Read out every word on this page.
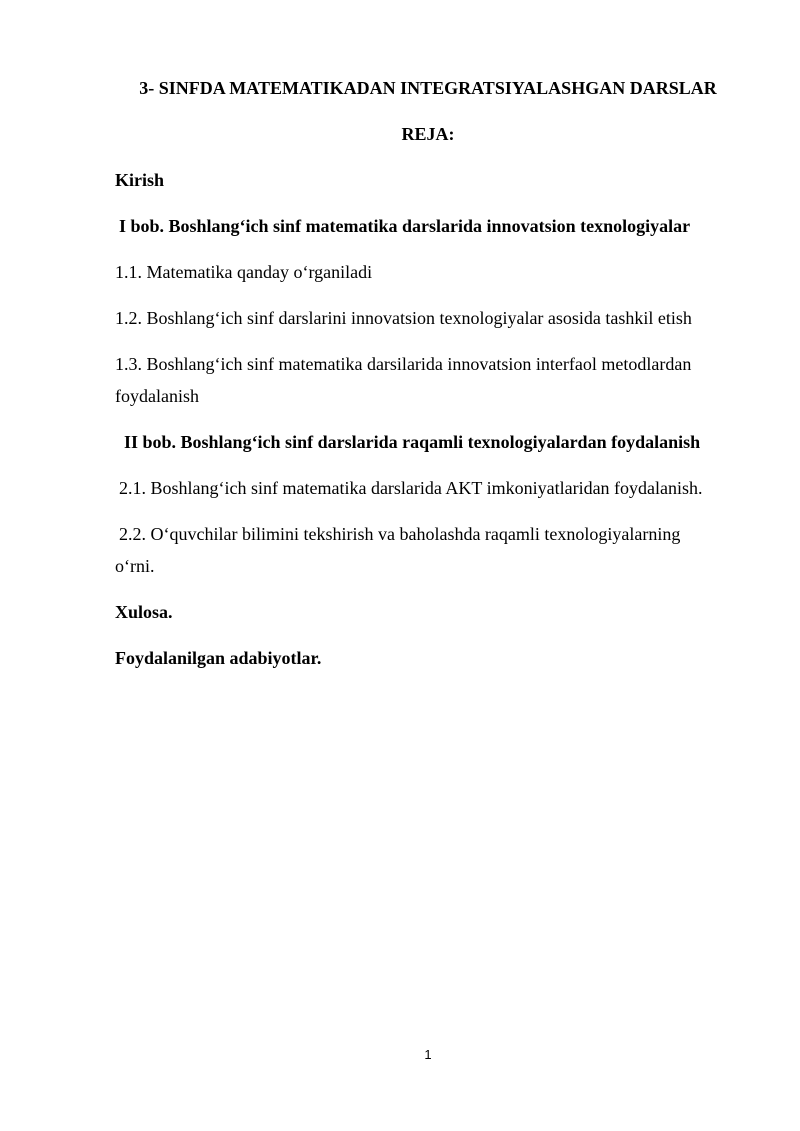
3- SINFDA MATEMATIKADAN INTEGRATSIYALASHGAN DARSLAR
REJA:
Kirish
I bob. Boshlang‘ich sinf matematika darslarida innovatsion texnologiyalar
1.1. Matematika qanday o‘rganiladi
1.2. Boshlang‘ich sinf darslarini innovatsion texnologiyalar asosida tashkil etish
1.3. Boshlang‘ich sinf matematika darsilarida innovatsion interfaol metodlardan foydalanish
II bob. Boshlang‘ich sinf darslarida raqamli texnologiyalardan foydalanish
2.1. Boshlang‘ich sinf matematika darslarida AKT imkoniyatlaridan foydalanish.
2.2. O‘quvchilar bilimini tekshirish va baholashda raqamli texnologiyalarning o‘rni.
Xulosa.
Foydalanilgan adabiyotlar.
1
